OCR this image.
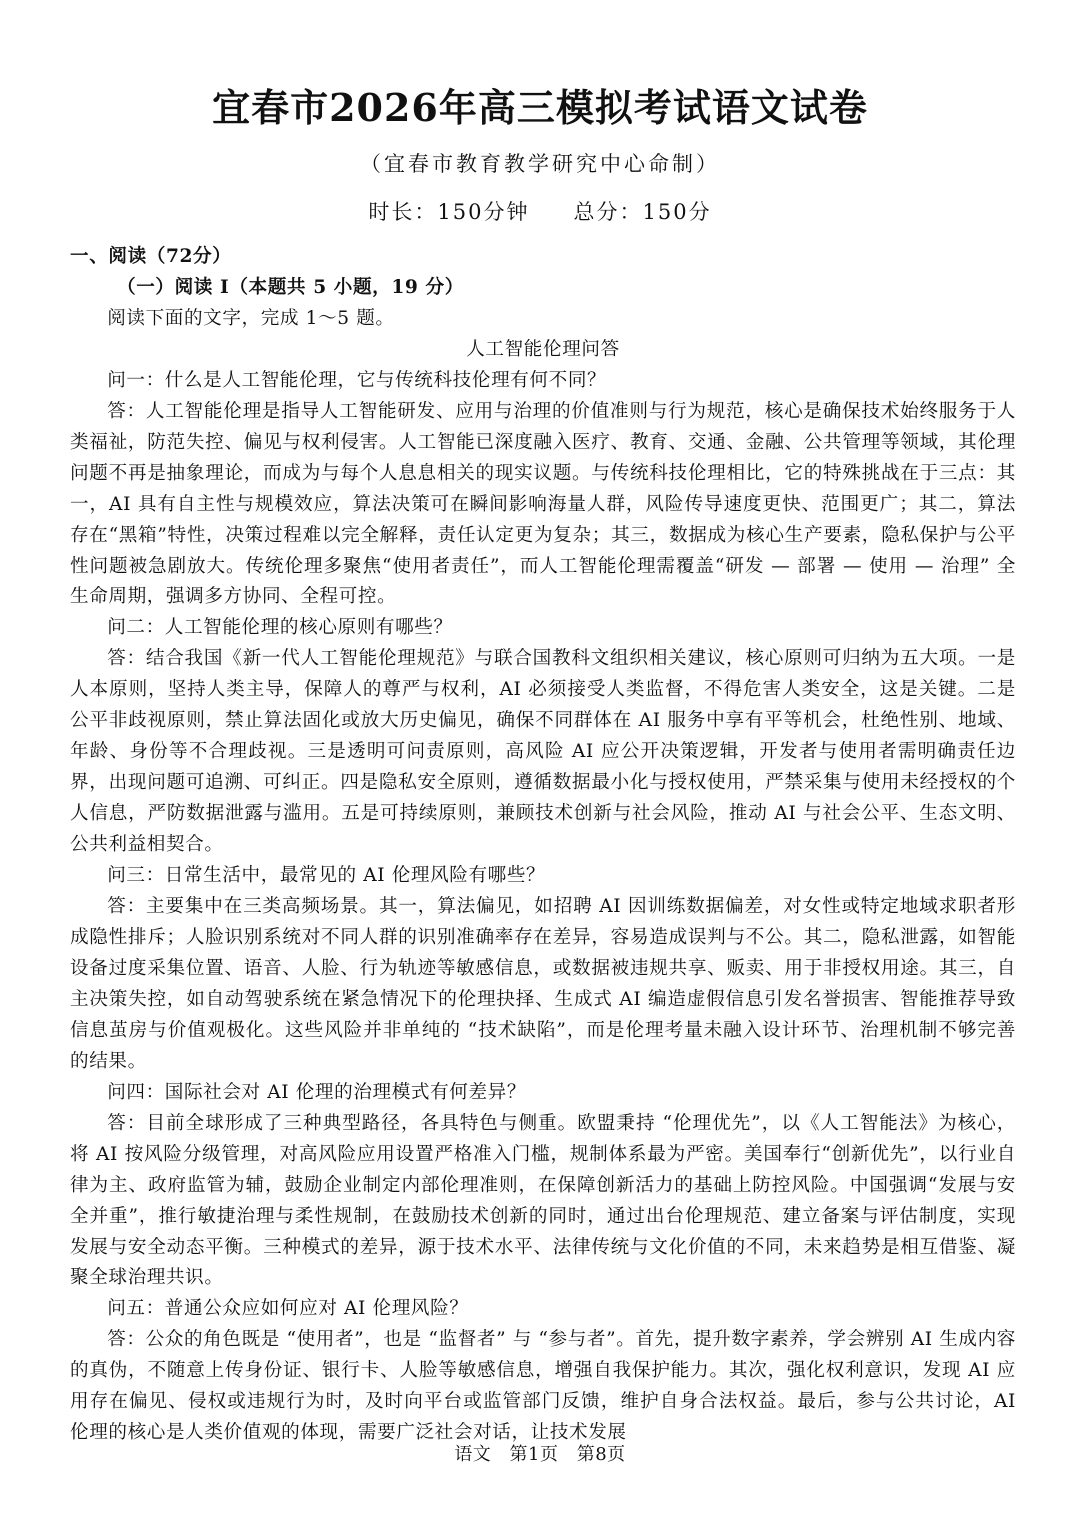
宜春市2026年高三模拟考试语文试卷
（宜春市教育教学研究中心命制）
时长：150分钟 总分：150分

一、阅读（72分）

（一）阅读 I（本题共 5 小题，19 分）

阅读下面的文字，完成 1～5 题。

人工智能伦理问答

问一：什么是人工智能伦理，它与传统科技伦理有何不同？

答：人工智能伦理是指导人工智能研发、应用与治理的价值准则与行为规范，核心是确保技术始终服务于人类福祉，防范失控、偏见与权利侵害。人工智能已深度融入医疗、教育、交通、金融、公共管理等领域，其伦理问题不再是抽象理论，而成为与每个人息息相关的现实议题。与传统科技伦理相比，它的特殊挑战在于三点：其一，AI 具有自主性与规模效应，算法决策可在瞬间影响海量人群，风险传导速度更快、范围更广；其二，算法存在“黑箱”特性，决策过程难以完全解释，责任认定更为复杂；其三，数据成为核心生产要素，隐私保护与公平性问题被急剧放大。传统伦理多聚焦“使用者责任”，而人工智能伦理需覆盖“研发 — 部署 — 使用 — 治理” 全生命周期，强调多方协同、全程可控。

问二：人工智能伦理的核心原则有哪些？

答：结合我国《新一代人工智能伦理规范》与联合国教科文组织相关建议，核心原则可归纳为五大项。一是人本原则，坚持人类主导，保障人的尊严与权利，AI 必须接受人类监督，不得危害人类安全，这是关键。二是公平非歧视原则，禁止算法固化或放大历史偏见，确保不同群体在 AI 服务中享有平等机会，杜绝性别、地域、年龄、身份等不合理歧视。三是透明可问责原则，高风险 AI 应公开决策逻辑，开发者与使用者需明确责任边界，出现问题可追溯、可纠正。四是隐私安全原则，遵循数据最小化与授权使用，严禁采集与使用未经授权的个人信息，严防数据泄露与滥用。五是可持续原则，兼顾技术创新与社会风险，推动 AI 与社会公平、生态文明、公共利益相契合。

问三：日常生活中，最常见的 AI 伦理风险有哪些？

答：主要集中在三类高频场景。其一，算法偏见，如招聘 AI 因训练数据偏差，对女性或特定地域求职者形成隐性排斥；人脸识别系统对不同人群的识别准确率存在差异，容易造成误判与不公。其二，隐私泄露，如智能设备过度采集位置、语音、人脸、行为轨迹等敏感信息，或数据被违规共享、贩卖、用于非授权用途。其三，自主决策失控，如自动驾驶系统在紧急情况下的伦理抉择、生成式 AI 编造虚假信息引发名誉损害、智能推荐导致信息茧房与价值观极化。这些风险并非单纯的 “技术缺陷”，而是伦理考量未融入设计环节、治理机制不够完善的结果。

问四：国际社会对 AI 伦理的治理模式有何差异？

答：目前全球形成了三种典型路径，各具特色与侧重。欧盟秉持 “伦理优先”，以《人工智能法》为核心，将 AI 按风险分级管理，对高风险应用设置严格准入门槛，规制体系最为严密。美国奉行“创新优先”，以行业自律为主、政府监管为辅，鼓励企业制定内部伦理准则，在保障创新活力的基础上防控风险。中国强调“发展与安全并重”，推行敏捷治理与柔性规制，在鼓励技术创新的同时，通过出台伦理规范、建立备案与评估制度，实现发展与安全动态平衡。三种模式的差异，源于技术水平、法律传统与文化价值的不同，未来趋势是相互借鉴、凝聚全球治理共识。

问五：普通公众应如何应对 AI 伦理风险？

答：公众的角色既是 “使用者”，也是 “监督者” 与 “参与者”。首先，提升数字素养，学会辨别 AI 生成内容的真伪，不随意上传身份证、银行卡、人脸等敏感信息，增强自我保护能力。其次，强化权利意识，发现 AI 应用存在偏见、侵权或违规行为时，及时向平台或监管部门反馈，维护自身合法权益。最后，参与公共讨论，AI 伦理的核心是人类价值观的体现，需要广泛社会对话，让技术发展

语文 第1页 第8页
